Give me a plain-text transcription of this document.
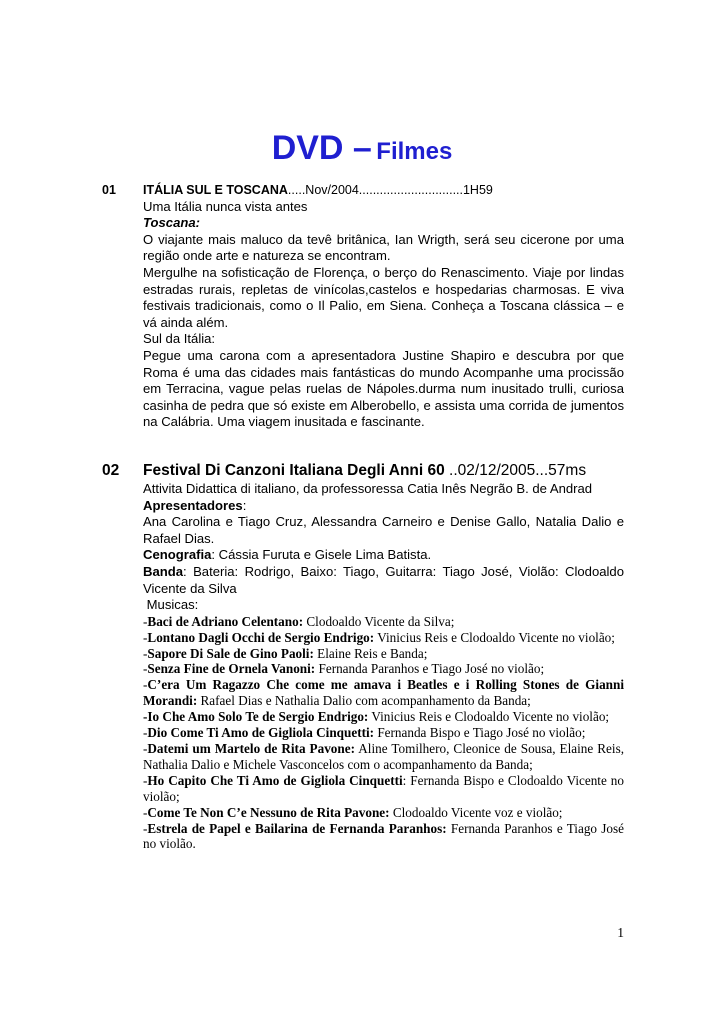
DVD – Filmes
01 ITÁLIA SUL E TOSCANA.....Nov/2004..............................1H59

Uma Itália nunca vista antes

Toscana:

O viajante mais maluco da tevê britânica, Ian Wrigth, será seu cicerone por uma região onde arte e natureza se encontram.

Mergulhe na sofisticação de Florença, o berço do Renascimento. Viaje por lindas estradas rurais, repletas de vinícolas,castelos e hospedarias charmosas. E viva festivais tradicionais, como o Il Palio, em Siena. Conheça a Toscana clássica – e vá ainda além.

Sul da Itália:

Pegue uma carona com a apresentadora Justine Shapiro e descubra por que Roma é uma das cidades mais fantásticas do mundo Acompanhe uma procissão em Terracina, vague pelas ruelas de Nápoles.durma num inusitado trulli, curiosa casinha de pedra que só existe em Alberobello, e assista uma corrida de jumentos na Calábria. Uma viagem inusitada e fascinante.

02 Festival Di Canzoni Italiana Degli Anni 60 ..02/12/2005...57ms

Attivita Didattica di italiano, da professoressa Catia Inês Negrão B. de Andrad

Apresentadores:

Ana Carolina e Tiago Cruz, Alessandra Carneiro e Denise Gallo, Natalia Dalio e Rafael Dias.

Cenografia: Cássia Furuta e Gisele Lima Batista.

Banda: Bateria: Rodrigo, Baixo: Tiago, Guitarra: Tiago José, Violão: Clodoaldo Vicente da Silva

Musicas:

-Baci de Adriano Celentano: Clodoaldo Vicente da Silva;

-Lontano Dagli Occhi de Sergio Endrigo: Vinicius Reis e Clodoaldo Vicente no violão;

-Sapore Di Sale de Gino Paoli: Elaine Reis e Banda;

-Senza Fine de Ornela Vanoni: Fernanda Paranhos e Tiago José no violão;

-C’era Um Ragazzo Che come me amava i Beatles e i Rolling Stones de Gianni Morandi: Rafael Dias e Nathalia Dalio com acompanhamento da Banda;

-Io Che Amo Solo Te de Sergio Endrigo: Vinicius Reis e Clodoaldo Vicente no violão;

-Dio Come Ti Amo de Gigliola Cinquetti: Fernanda Bispo e Tiago José no violão;

-Datemi um Martelo de Rita Pavone: Aline Tomilhero, Cleonice de Sousa, Elaine Reis, Nathalia Dalio e Michele Vasconcelos com o acompanhamento da Banda;

-Ho Capito Che Ti Amo de Gigliola Cinquetti: Fernanda Bispo e Clodoaldo Vicente no violão;

-Come Te Non C’e Nessuno de Rita Pavone: Clodoaldo Vicente voz e violão;

-Estrela de Papel e Bailarina de Fernanda Paranhos: Fernanda Paranhos e Tiago José no violão.

1
